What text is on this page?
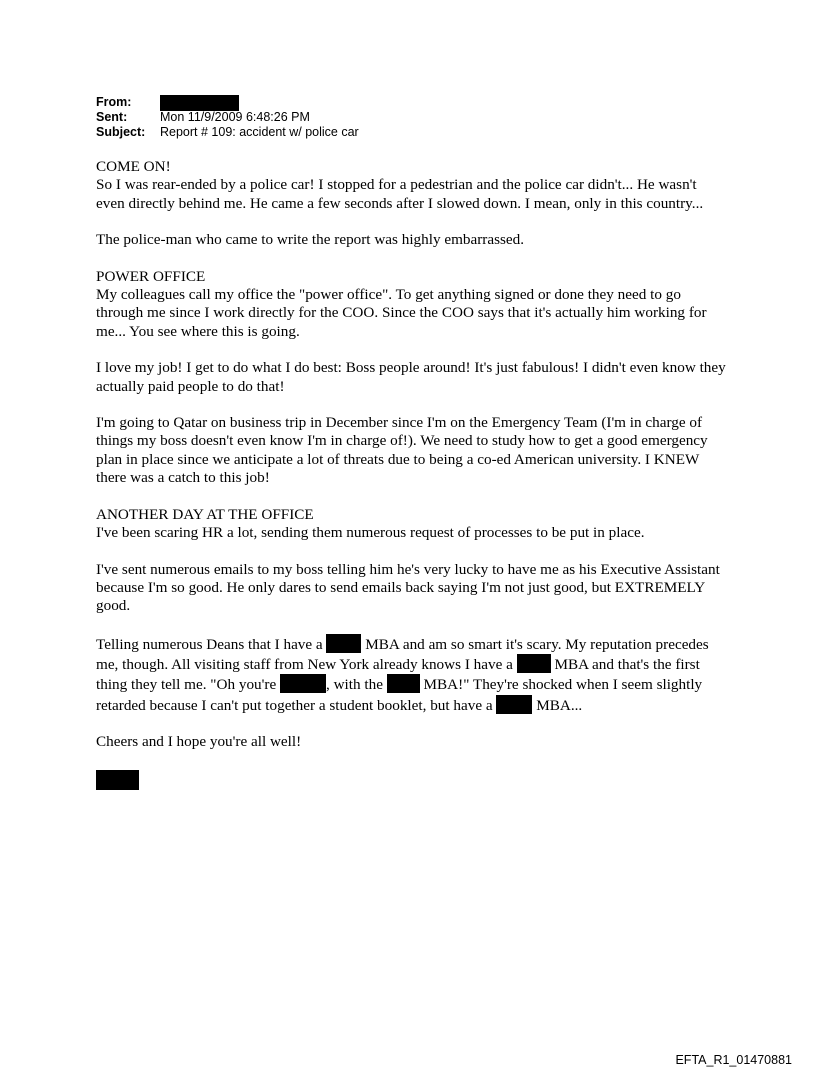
From:
Sent:	Mon 11/9/2009 6:48:26 PM
Subject:	Report # 109: accident w/ police car

COME ON!
So I was rear-ended by a police car! I stopped for a pedestrian and the police car didn't... He wasn't even directly behind me. He came a few seconds after I slowed down. I mean, only in this country...

The police-man who came to write the report was highly embarrassed.

POWER OFFICE
My colleagues call my office the "power office". To get anything signed or done they need to go through me since I work directly for the COO. Since the COO says that it's actually him working for me... You see where this is going.

I love my job! I get to do what I do best: Boss people around! It's just fabulous! I didn't even know they actually paid people to do that!

I'm going to Qatar on business trip in December since I'm on the Emergency Team (I'm in charge of things my boss doesn't even know I'm in charge of!). We need to study how to get a good emergency plan in place since we anticipate a lot of threats due to being a co-ed American university. I KNEW there was a catch to this job!

ANOTHER DAY AT THE OFFICE
I've been scaring HR a lot, sending them numerous request of processes to be put in place.

I've sent numerous emails to my boss telling him he's very lucky to have me as his Executive Assistant because I'm so good. He only dares to send emails back saying I'm not just good, but EXTREMELY good.

Telling numerous Deans that I have a	MBA and am so smart it's scary. My reputation precedes me, though. All visiting staff from New York already knows I have a	MBA and that's the first thing they tell me. "Oh you're	, with the	MBA!" They're shocked when I seem slightly retarded because I can't put together a student booklet, but have a	MBA...

Cheers and I hope you're all well!

EFTA_R1_01470881
